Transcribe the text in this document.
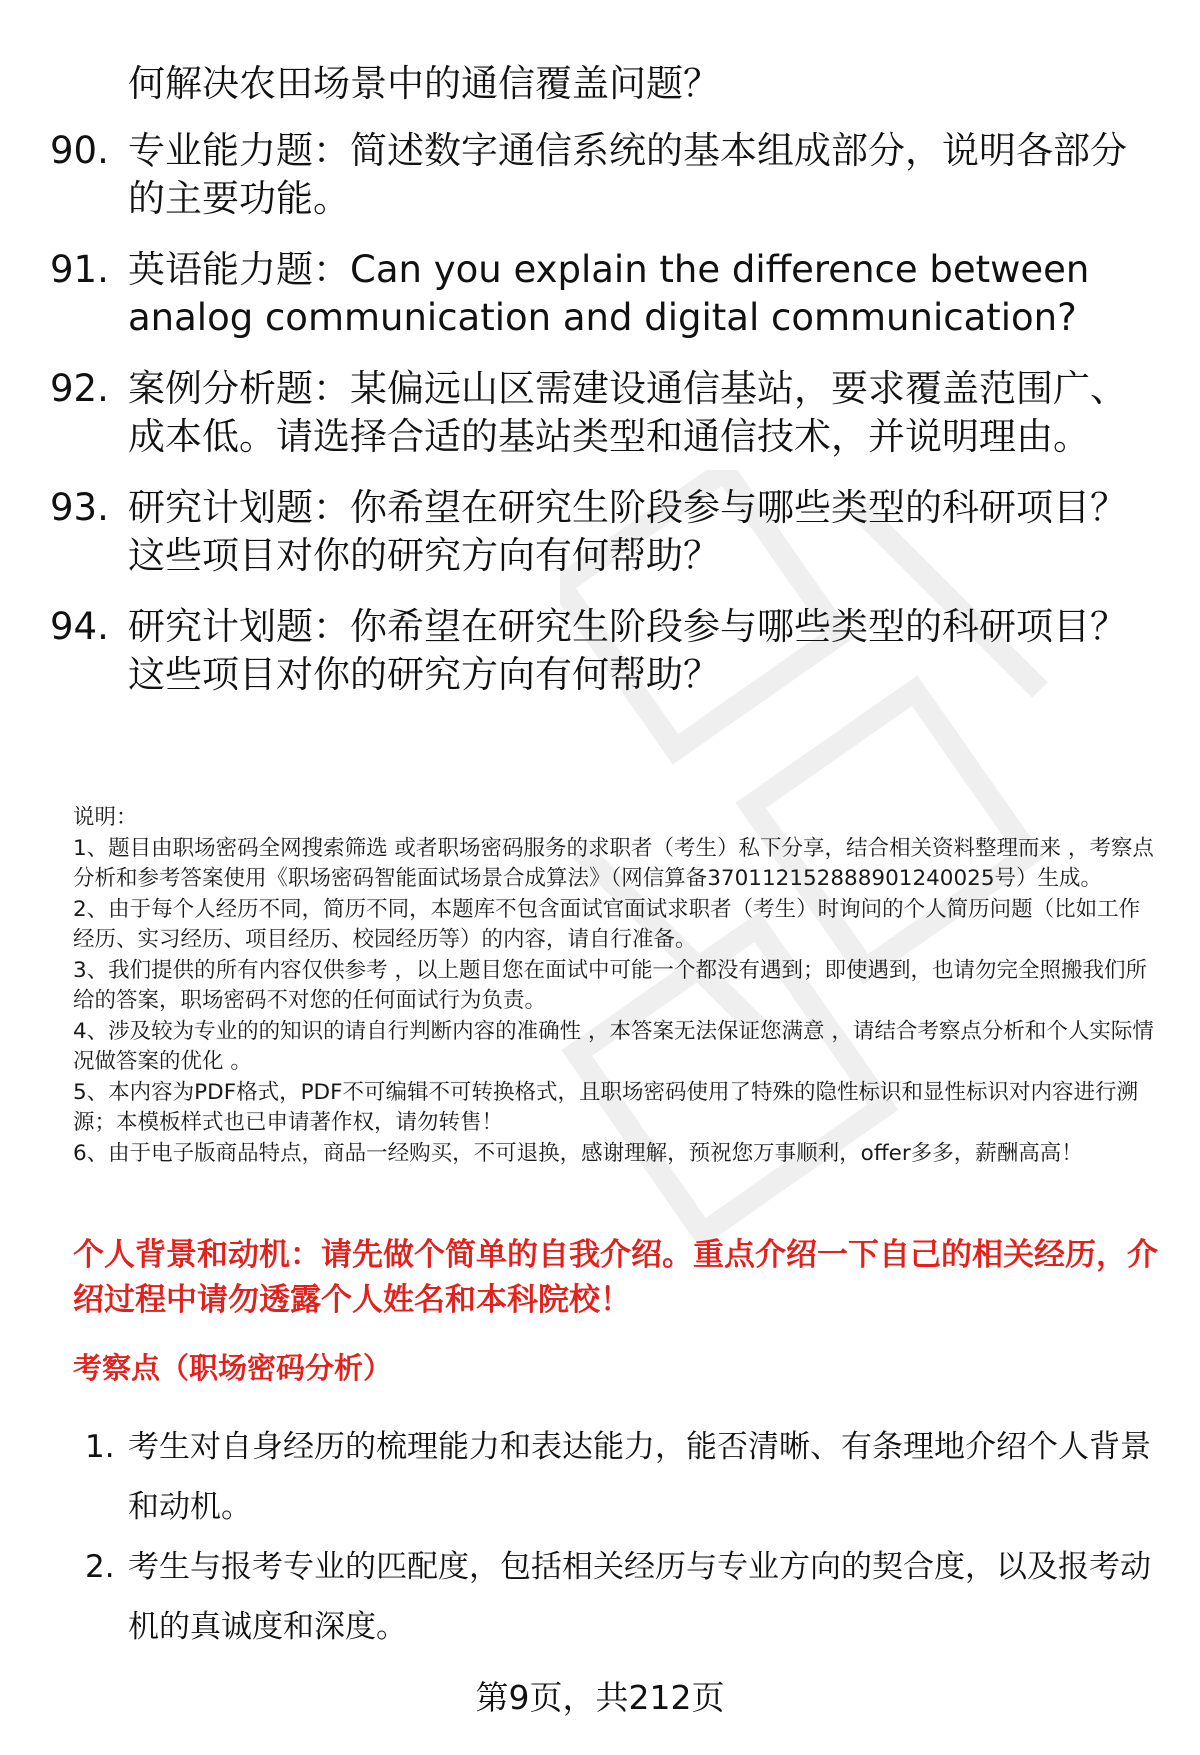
何解决农田场景中的通信覆盖问题？
90. 专业能力题：简述数字通信系统的基本组成部分，说明各部分的主要功能。
91. 英语能力题：Can you explain the difference between analog communication and digital communication?
92. 案例分析题：某偏远山区需建设通信基站，要求覆盖范围广、成本低。请选择合适的基站类型和通信技术，并说明理由。
93. 研究计划题：你希望在研究生阶段参与哪些类型的科研项目？这些项目对你的研究方向有何帮助？
94. 研究计划题：你希望在研究生阶段参与哪些类型的科研项目？这些项目对你的研究方向有何帮助？

说明：

1、题目由职场密码全网搜索筛选 或者职场密码服务的求职者（考生）私下分享，结合相关资料整理而来 ，考察点分析和参考答案使用《职场密码智能面试场景合成算法》（网信算备370112152888901240025号）生成。

2、由于每个人经历不同，简历不同，本题库不包含面试官面试求职者（考生）时询问的个人简历问题（比如工作经历、实习经历、项目经历、校园经历等）的内容，请自行准备。

3、我们提供的所有内容仅供参考 ，以上题目您在面试中可能一个都没有遇到；即使遇到，也请勿完全照搬我们所给的答案，职场密码不对您的任何面试行为负责。

4、涉及较为专业的的知识的请自行判断内容的准确性 ，本答案无法保证您满意 ，请结合考察点分析和个人实际情况做答案的优化 。

5、本内容为PDF格式，PDF不可编辑不可转换格式，且职场密码使用了特殊的隐性标识和显性标识对内容进行溯源；本模板样式也已申请著作权，请勿转售！

6、由于电子版商品特点，商品一经购买，不可退换，感谢理解，预祝您万事顺利，offer多多，薪酬高高！

个人背景和动机：请先做个简单的自我介绍。重点介绍一下自己的相关经历，介绍过程中请勿透露个人姓名和本科院校！
考察点（职场密码分析）
1. 考生对自身经历的梳理能力和表达能力，能否清晰、有条理地介绍个人背景和动机。
2. 考生与报考专业的匹配度，包括相关经历与专业方向的契合度，以及报考动机的真诚度和深度。
第9页，共212页
